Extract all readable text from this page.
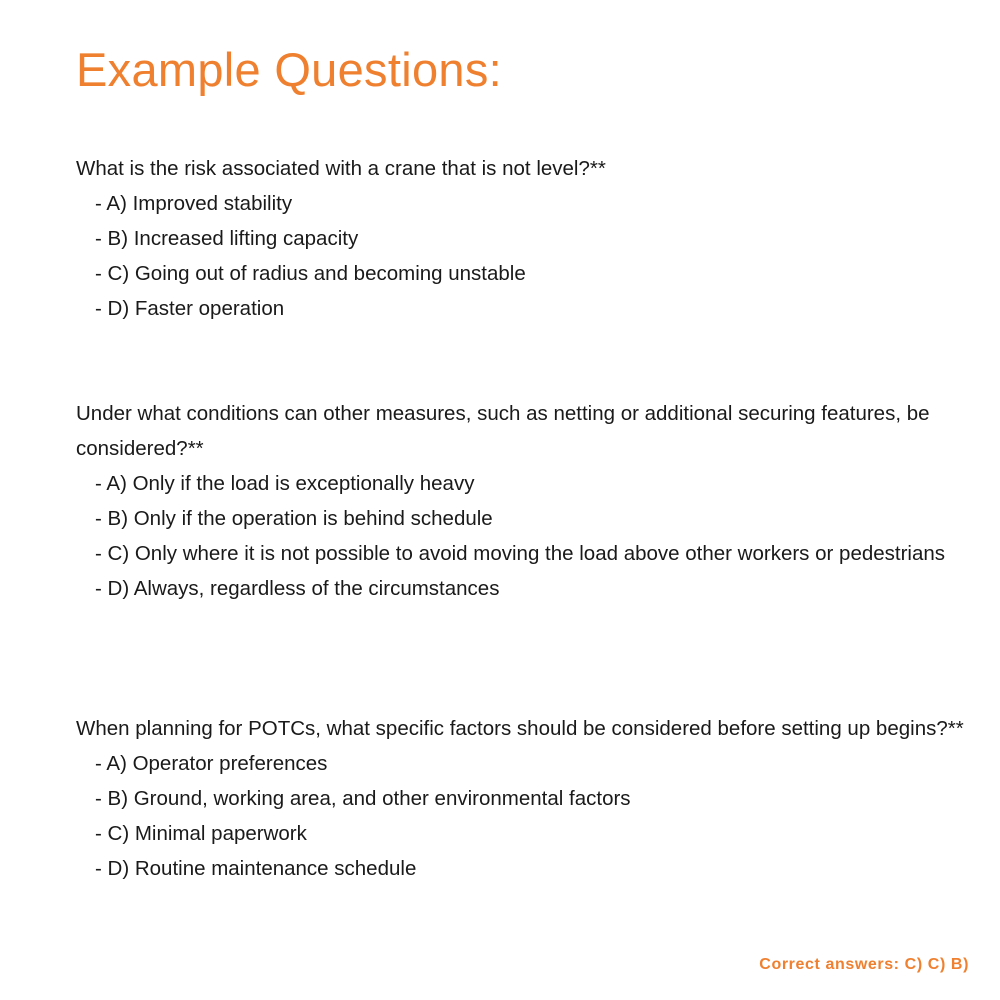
Example Questions:

What is the risk associated with a crane that is not level?**

- A) Improved stability
- B) Increased lifting capacity
- C) Going out of radius and becoming unstable
- D) Faster operation

Under what conditions can other measures, such as netting or additional securing features, be considered?**

- A) Only if the load is exceptionally heavy
- B) Only if the operation is behind schedule
- C) Only where it is not possible to avoid moving the load above other workers or pedestrians
- D) Always, regardless of the circumstances

When planning for POTCs, what specific factors should be considered before setting up begins?**

- A) Operator preferences
- B) Ground, working area, and other environmental factors
- C) Minimal paperwork
- D) Routine maintenance schedule
Correct answers: C) C) B)
